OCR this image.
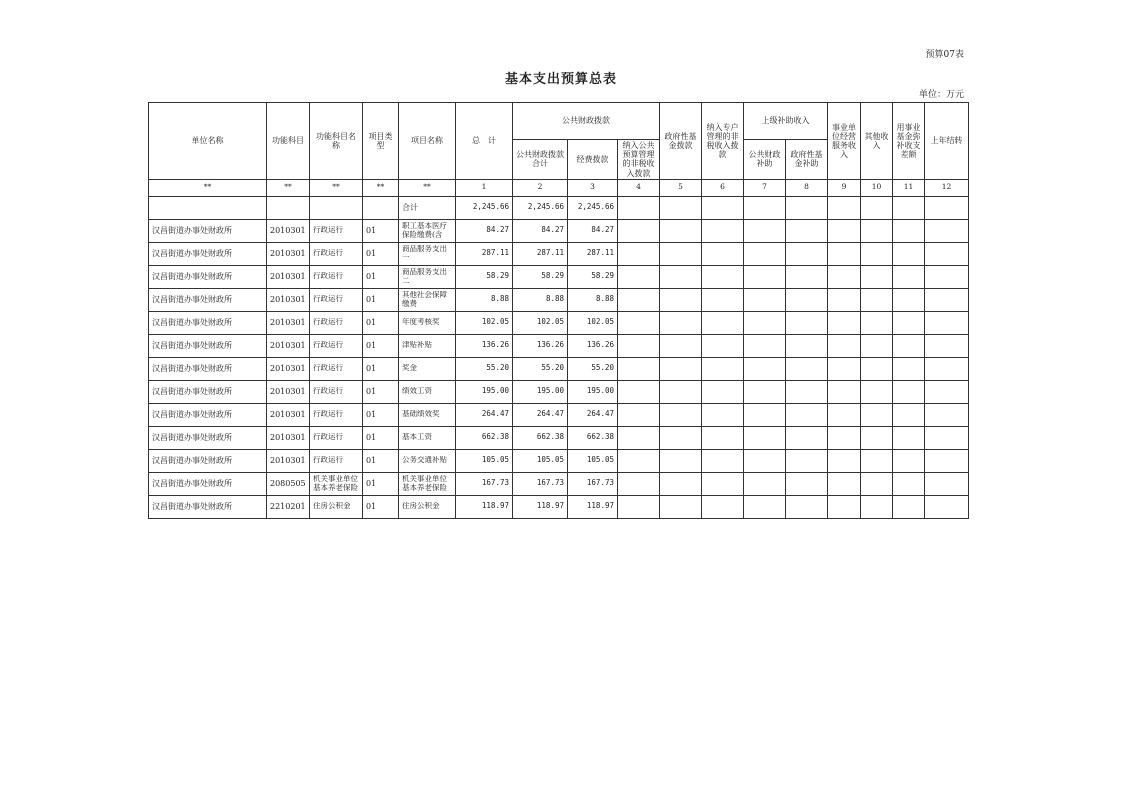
预算07表
基本支出预算总表
单位：万元
单位名称	功能科目	功能科目名称	项目类型	项目名称	总　计	公共财政拨款			政府性基金拨款	纳入专户管理的非税收入拨款	上级补助收入		事业单位经营服务收入	其他收入	用事业基金弥补收支差额	上年结转
						公共财政拨款合计	经费拨款	纳入公共预算管理的非税收入拨款			公共财政补助	政府性基金补助				
**	**	**	**	**	1	2	3	4	5	6	7	8	9	10	11	12
				合计	2,245.66	2,245.66	2,245.66									
汉昌街道办事处财政所	2010301	行政运行	01	职工基本医疗保险缴费(含	84.27	84.27	84.27									
汉昌街道办事处财政所	2010301	行政运行	01	商品服务支出一	287.11	287.11	287.11									
汉昌街道办事处财政所	2010301	行政运行	01	商品服务支出二	58.29	58.29	58.29									
汉昌街道办事处财政所	2010301	行政运行	01	其他社会保障缴费	8.88	8.88	8.88									
汉昌街道办事处财政所	2010301	行政运行	01	年度考核奖	102.05	102.05	102.05									
汉昌街道办事处财政所	2010301	行政运行	01	津贴补贴	136.26	136.26	136.26									
汉昌街道办事处财政所	2010301	行政运行	01	奖金	55.20	55.20	55.20									
汉昌街道办事处财政所	2010301	行政运行	01	绩效工资	195.00	195.00	195.00									
汉昌街道办事处财政所	2010301	行政运行	01	基础绩效奖	264.47	264.47	264.47									
汉昌街道办事处财政所	2010301	行政运行	01	基本工资	662.38	662.38	662.38									
汉昌街道办事处财政所	2010301	行政运行	01	公务交通补贴	105.05	105.05	105.05									
汉昌街道办事处财政所	2080505	机关事业单位基本养老保险	01	机关事业单位基本养老保险	167.73	167.73	167.73									
汉昌街道办事处财政所	2210201	住房公积金	01	住房公积金	118.97	118.97	118.97									
